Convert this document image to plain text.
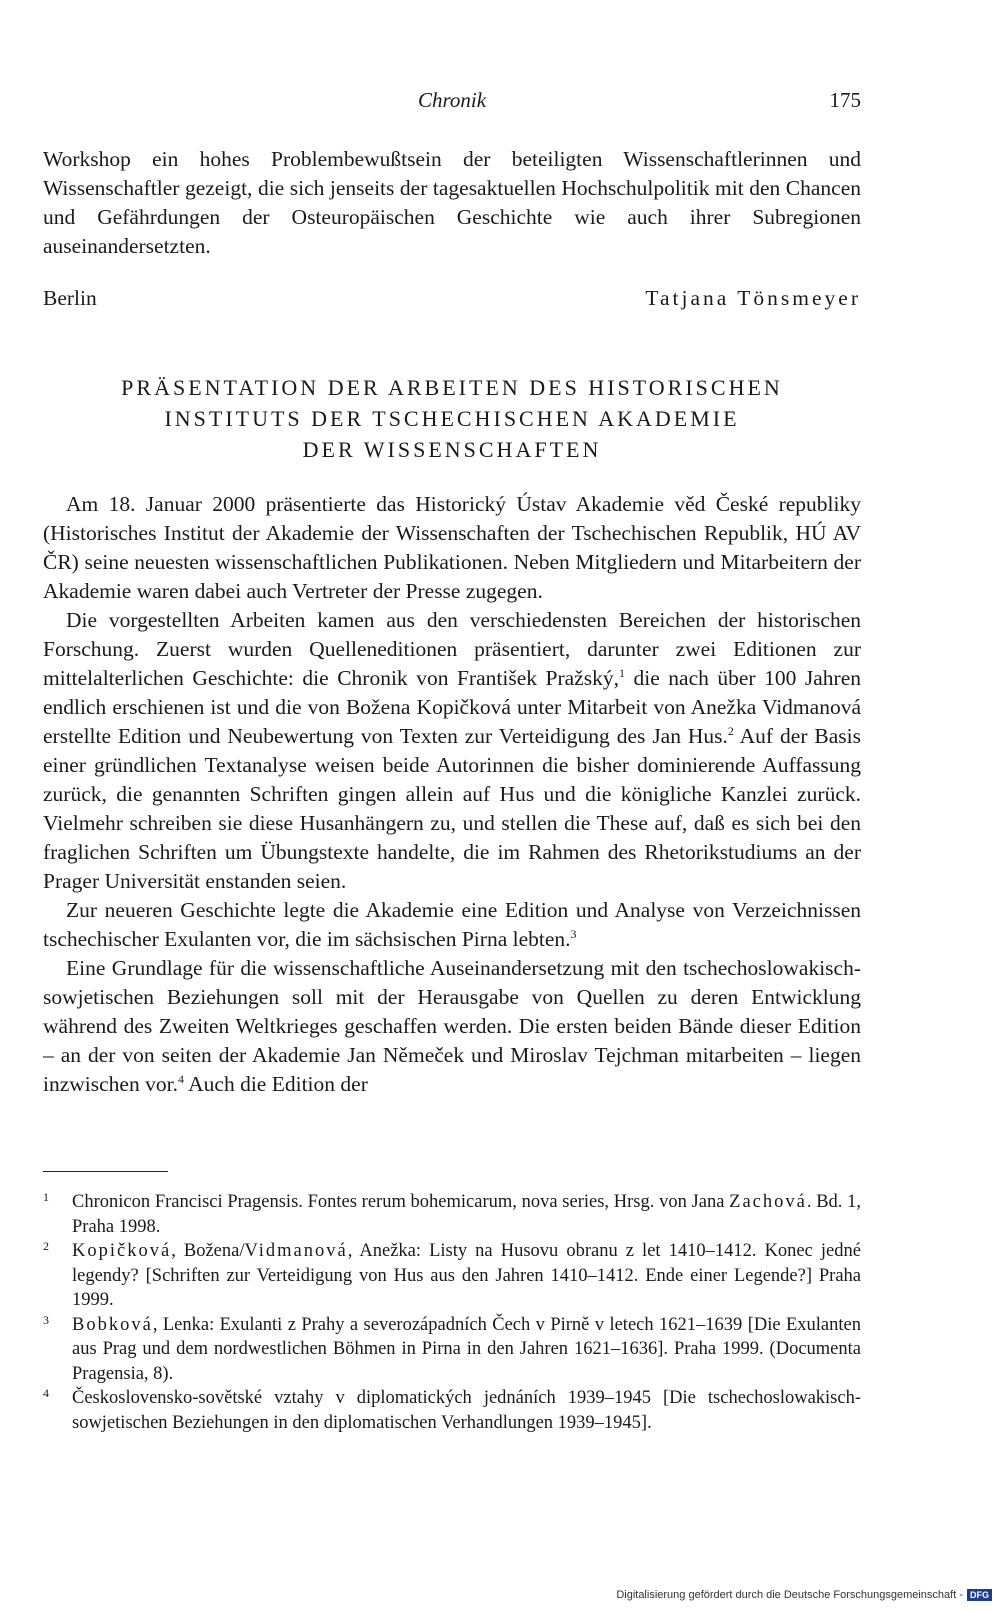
Chronik	175

Workshop ein hohes Problembewußtsein der beteiligten Wissenschaftlerinnen und Wissenschaftler gezeigt, die sich jenseits der tagesaktuellen Hochschulpolitik mit den Chancen und Gefährdungen der Osteuropäischen Geschichte wie auch ihrer Subregionen auseinandersetzten.

Berlin	Tatjana Tönsmeyer
PRÄSENTATION DER ARBEITEN DES HISTORISCHEN
INSTITUTS DER TSCHECHISCHEN AKADEMIE
DER WISSENSCHAFTEN

Am 18. Januar 2000 präsentierte das Historický Ústav Akademie věd České republiky (Historisches Institut der Akademie der Wissenschaften der Tschechischen Republik, HÚ AV ČR) seine neuesten wissenschaftlichen Publikationen. Neben Mitgliedern und Mitarbeitern der Akademie waren dabei auch Vertreter der Presse zugegen.

Die vorgestellten Arbeiten kamen aus den verschiedensten Bereichen der historischen Forschung. Zuerst wurden Quelleneditionen präsentiert, darunter zwei Editionen zur mittelalterlichen Geschichte: die Chronik von František Pražský,$^1$ die nach über 100 Jahren endlich erschienen ist und die von Božena Kopičková unter Mitarbeit von Anežka Vidmanová erstellte Edition und Neubewertung von Texten zur Verteidigung des Jan Hus.$^2$ Auf der Basis einer gründlichen Textanalyse weisen beide Autorinnen die bisher dominierende Auffassung zurück, die genannten Schriften gingen allein auf Hus und die königliche Kanzlei zurück. Vielmehr schreiben sie diese Husanhängern zu, und stellen die These auf, daß es sich bei den fraglichen Schriften um Übungstexte handelte, die im Rahmen des Rhetorikstudiums an der Prager Universität enstanden seien.

Zur neueren Geschichte legte die Akademie eine Edition und Analyse von Verzeichnissen tschechischer Exulanten vor, die im sächsischen Pirna lebten.$^3$

Eine Grundlage für die wissenschaftliche Auseinandersetzung mit den tschechoslowakisch-sowjetischen Beziehungen soll mit der Herausgabe von Quellen zu deren Entwicklung während des Zweiten Weltkrieges geschaffen werden. Die ersten beiden Bände dieser Edition – an der von seiten der Akademie Jan Němeček und Miroslav Tejchman mitarbeiten – liegen inzwischen vor.$^4$ Auch die Edition der

1 Chronicon Francisci Pragensis. Fontes rerum bohemicarum, nova series, Hrsg. von Jana Zachová. Bd. 1, Praha 1998.
2 Kopičková, Božena/Vidmanová, Anežka: Listy na Husovu obranu z let 1410–1412. Konec jedné legendy? [Schriften zur Verteidigung von Hus aus den Jahren 1410–1412. Ende einer Legende?] Praha 1999.
3 Bobková, Lenka: Exulanti z Prahy a severozápadních Čech v Pirně v letech 1621–1639 [Die Exulanten aus Prag und dem nordwestlichen Böhmen in Pirna in den Jahren 1621–1636]. Praha 1999. (Documenta Pragensia, 8).
4 Československo-sovětské vztahy v diplomatických jednáních 1939–1945 [Die tschechoslowakisch-sowjetischen Beziehungen in den diplomatischen Verhandlungen 1939–1945].
Digitalisierung gefördert durch die Deutsche Forschungsgemeinschaft - DFG
